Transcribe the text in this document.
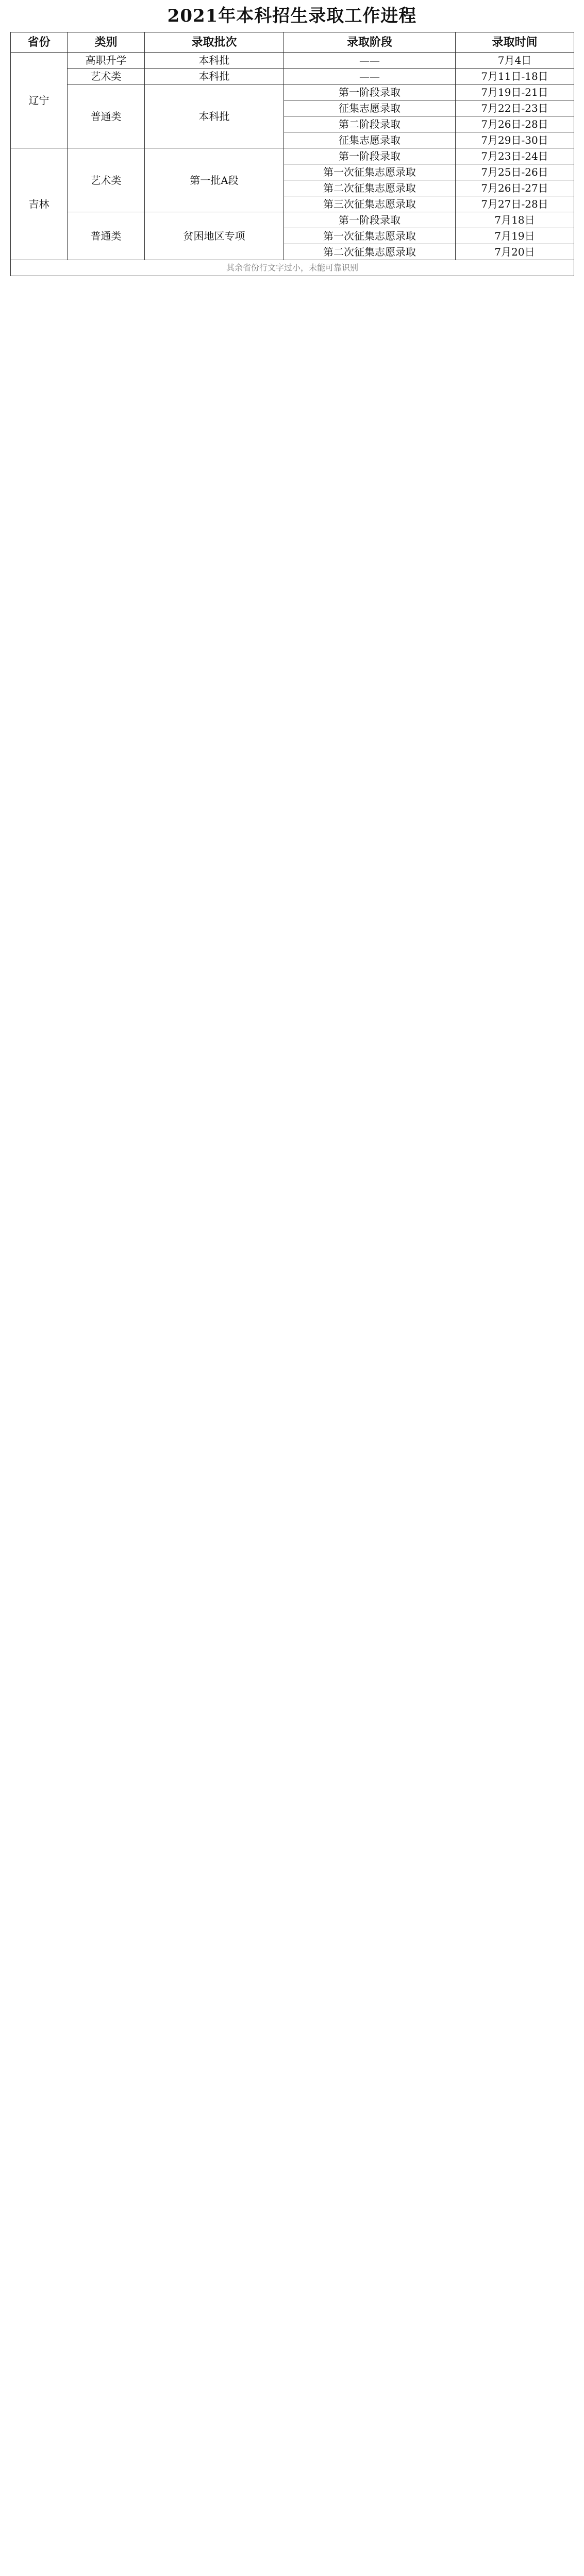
2021年本科招生录取工作进程
省份	类别	录取批次	录取阶段	录取时间
辽宁	高职升学	本科批	——	7月4日
	艺术类	本科批	——	7月11日-18日
	普通类	本科批	第一阶段录取	7月19日-21日
			征集志愿录取	7月22日-23日
			第二阶段录取	7月26日-28日
			征集志愿录取	7月29日-30日
吉林	艺术类	第一批A段	第一阶段录取	7月23日-24日
			第一次征集志愿录取	7月25日-26日
			第二次征集志愿录取	7月26日-27日
			第三次征集志愿录取	7月27日-28日
	普通类	贫困地区专项	第一阶段录取	7月18日
			第一次征集志愿录取	7月19日
			第二次征集志愿录取	7月20日
其余省份行文字过小，未能可靠识别				
